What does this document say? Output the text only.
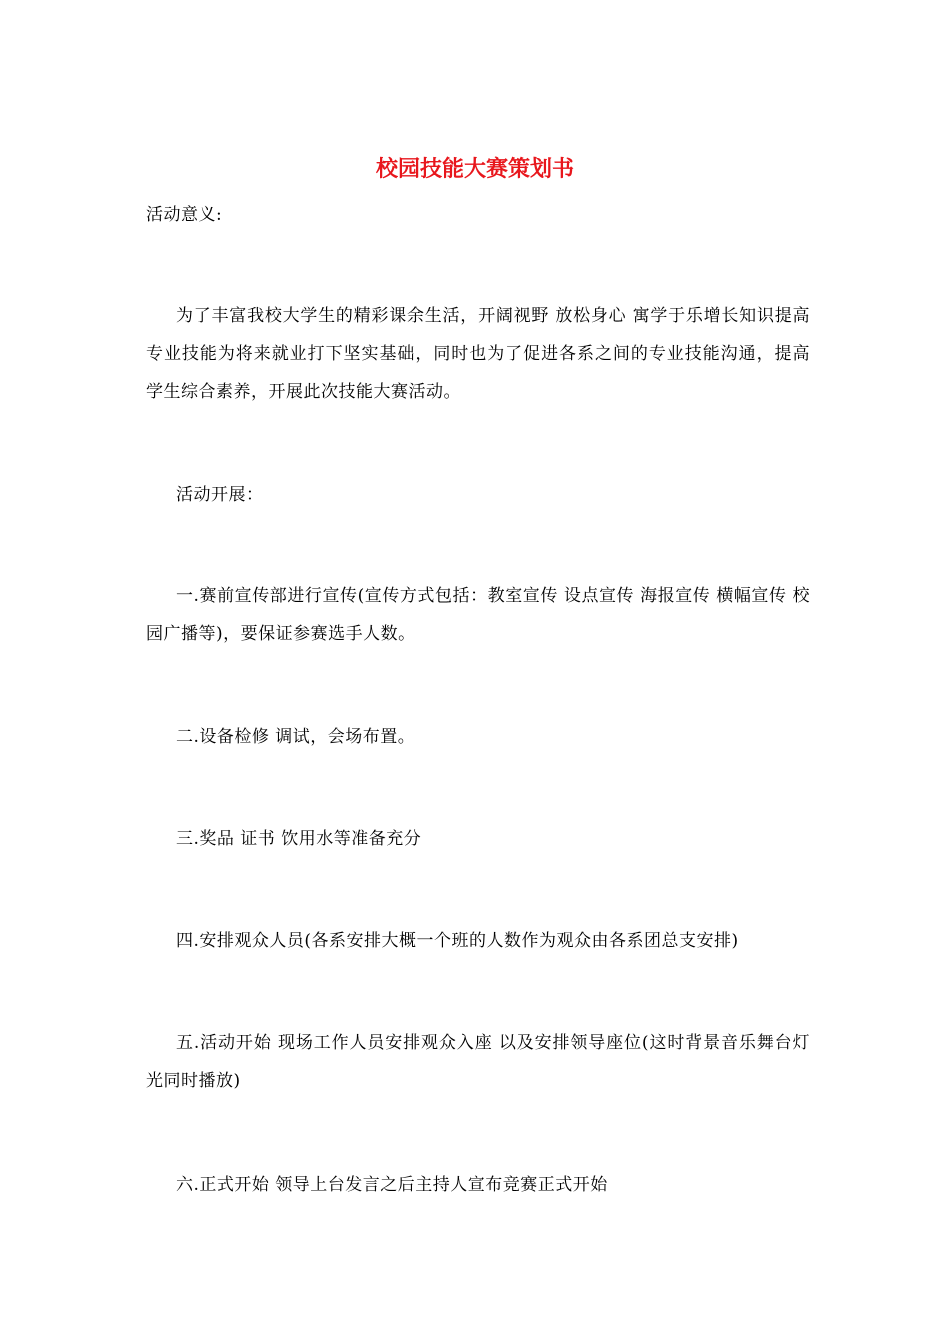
校园技能大赛策划书

活动意义:

为了丰富我校大学生的精彩课余生活，开阔视野 放松身心 寓学于乐增长知识提高专业技能为将来就业打下坚实基础，同时也为了促进各系之间的专业技能沟通，提高学生综合素养，开展此次技能大赛活动。

活动开展：

一.赛前宣传部进行宣传(宣传方式包括：教室宣传 设点宣传 海报宣传 横幅宣传 校园广播等)，要保证参赛选手人数。

二.设备检修 调试，会场布置。

三.奖品 证书 饮用水等准备充分

四.安排观众人员(各系安排大概一个班的人数作为观众由各系团总支安排)

五.活动开始 现场工作人员安排观众入座 以及安排领导座位(这时背景音乐舞台灯光同时播放)

六.正式开始 领导上台发言之后主持人宣布竞赛正式开始
